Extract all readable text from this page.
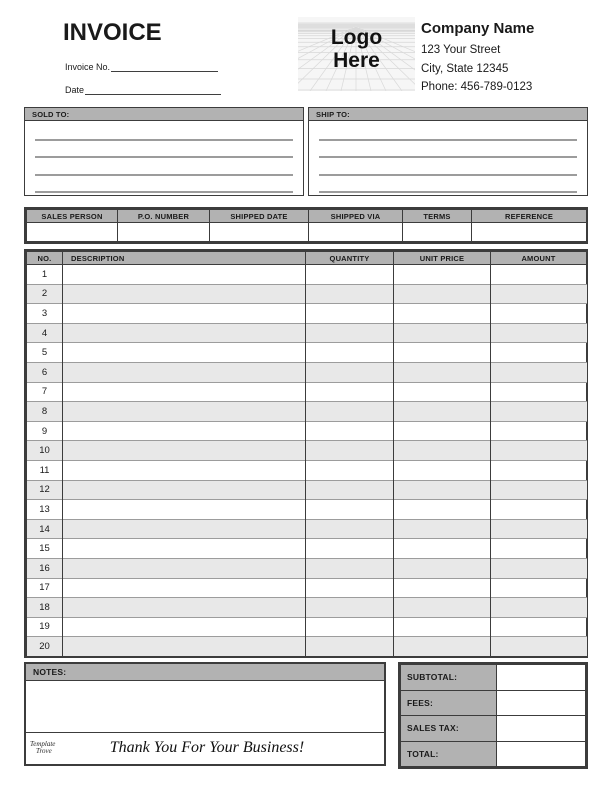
INVOICE
Invoice No.
Date
Logo
Here
Company Name
123 Your Street
City, State 12345
Phone: 456-789-0123
SOLD TO:	SHIP TO:
SALES PERSON	P.O. NUMBER	SHIPPED DATE	SHIPPED VIA	TERMS	REFERENCE

NO.	DESCRIPTION	QUANTITY	UNIT PRICE	AMOUNT
1				
2				
3				
4				
5				
6				
7				
8				
9				
10				
11				
12				
13				
14				
15				
16				
17				
18				
19				
20				
NOTES:
Template
Trove	Thank You For Your Business!
SUBTOTAL:	
FEES:	
SALES TAX:	
TOTAL:	
